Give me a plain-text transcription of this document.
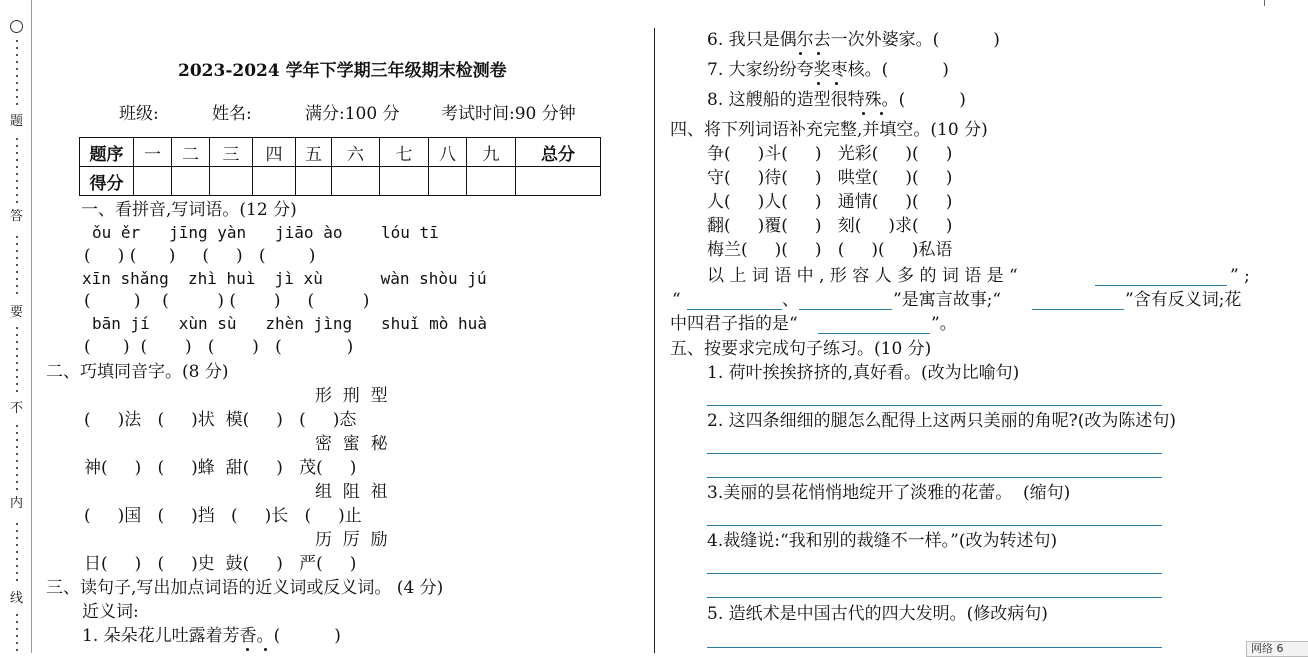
题
答
要
不
内
线
2023-2024 学年下学期三年级期末检测卷
班级:	姓名:	满分:100 分 考试时间:90 分钟
题序	一	二	三	四	五	六	七	八	九	总分
得分										
一、看拼音,写词语。(12 分)
ǒu ěr   jīng yàn   jiāo ào    lóu tī
(     ) (      )     (     )   (        )
xīn shǎng  zhì huì  jì xù      wàn shòu jú
(        )    (         ) (       )     (         )
bān jí   xùn sù   zhèn jìng   shuǐ mò huà
(      )  (       )   (       )   (            )
二、巧填同音字。(8 分)
形  刑  型
(     )法   (     )状  模(     )   (     )态
密  蜜  秘
神(     )   (     )蜂  甜(     )   茂(     )
组  阻  祖
(     )国   (     )挡   (     )长   (     )止
历  厉  励
日(     )   (     )史  鼓(     )   严(     )
三、读句子,写出加点词语的近义词或反义词。 (4 分)
近义词:
1. 朵朵花儿吐露着芳香。(          )
6. 我只是偶尔去一次外婆家。(          )
7. 大家纷纷夸奖枣核。(          )
8. 这艘船的造型很特殊。(          )
四、将下列词语补充完整,并填空。(10 分)
争(     )斗(     )   光彩(     )(     )
守(     )待(     )   哄堂(     )(     )
人(     )人(     )   通情(     )(     )
翻(     )覆(     )   刻(     )求(     )
梅兰(     )(     )   (     )(     )私语
以 上 词 语 中 , 形 容 人 多 的 词 语 是 “	” ;
“	、	”是寓言故事;“	”含有反义词;花
中四君子指的是“	”。
五、按要求完成句子练习。(10 分)
1. 荷叶挨挨挤挤的,真好看。(改为比喻句)
2. 这四条细细的腿怎么配得上这两只美丽的角呢?(改为陈述句)
3.美丽的昙花悄悄地绽开了淡雅的花蕾。  (缩句)
4.裁缝说:“我和别的裁缝不一样。”(改为转述句)
5. 造纸术是中国古代的四大发明。(修改病句)
网络 6
